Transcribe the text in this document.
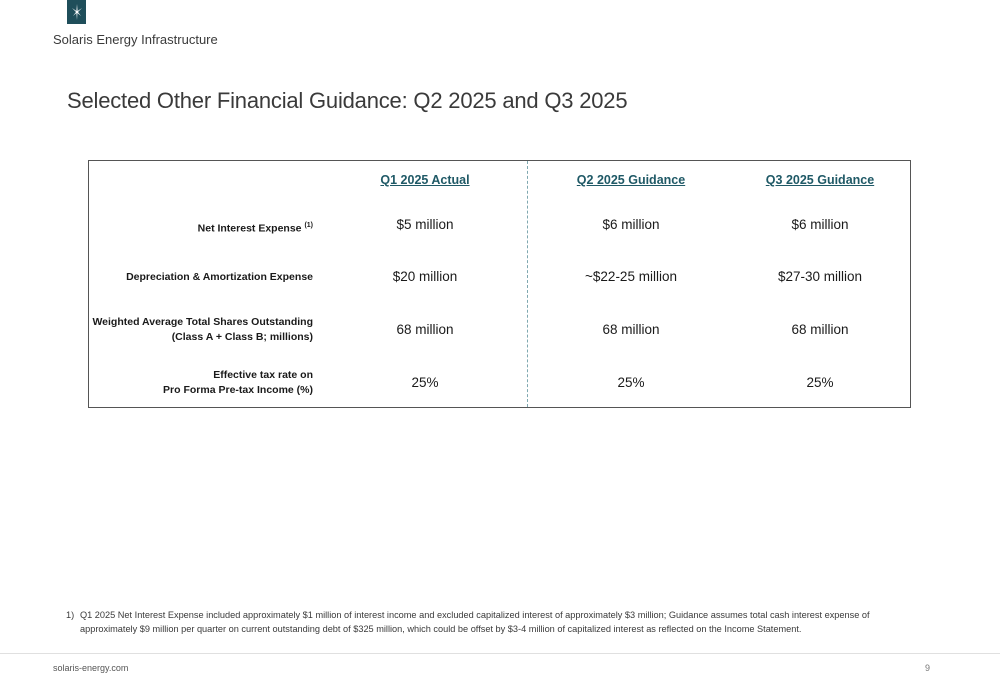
Solaris Energy Infrastructure
Selected Other Financial Guidance: Q2 2025 and Q3 2025
Q1 2025 Actual	Q2 2025 Guidance	Q3 2025 Guidance
Net Interest Expense $^{(1)}$	$5 million	$6 million	$6 million
Depreciation & Amortization Expense	$20 million	~$22-25 million	$27-30 million
Weighted Average Total Shares Outstanding
(Class A + Class B; millions)	68 million	68 million	68 million
Effective tax rate on
Pro Forma Pre-tax Income (%)	25%	25%	25%
1) Q1 2025 Net Interest Expense included approximately $1 million of interest income and excluded capitalized interest of approximately $3 million; Guidance assumes total cash interest expense of approximately $9 million per quarter on current outstanding debt of $325 million, which could be offset by $3-4 million of capitalized interest as reflected on the Income Statement.
solaris-energy.com	9
